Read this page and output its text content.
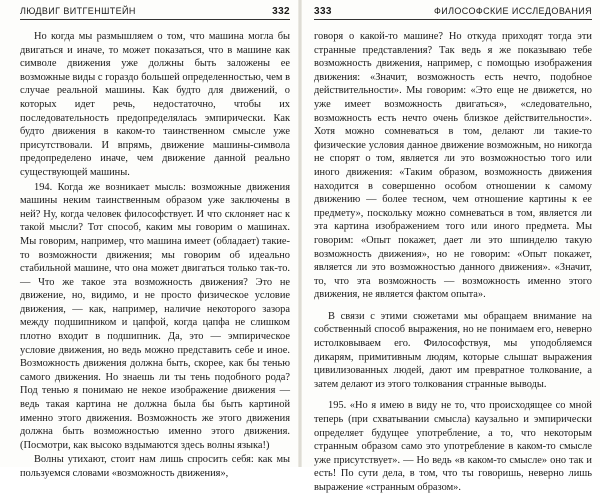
ЛЮДВИГ ВИТГЕНШТЕЙН	332

Но когда мы размышляем о том, что машина могла бы двигаться и иначе, то может показаться, что в машине как символе движения уже должны быть заложены ее возможные виды с гораздо большей определенностью, чем в случае реальной машины. Как будто для движений, о которых идет речь, недостаточно, чтобы их последовательность предопределялась эмпирически. Как будто движения в каком-то таинственном смысле уже присутствовали. И впрямь, движение машины-символа предопределено иначе, чем движение данной реально существующей машины.

194. Когда же возникает мысль: возможные движения машины неким таинственным образом уже заключены в ней? Ну, когда человек философствует. И что склоняет нас к такой мысли? Тот способ, каким мы говорим о машинах. Мы говорим, например, что машина имеет (обладает) такие-то возможности движения; мы говорим об идеально стабильной машине, что она может двигаться только так-то. — Что же такое эта возможность движения? Это не движение, но, видимо, и не просто физическое условие движения, — как, например, наличие некоторого зазора между подшипником и цапфой, когда цапфа не слишком плотно входит в подшипник. Да, это — эмпирическое условие движения, но ведь можно представить себе и иное. Возможность движения должна быть, скорее, как бы тенью самого движения. Но знаешь ли ты тень подобного рода? Под тенью я понимаю не некое изображение движения — ведь такая картина не должна была бы быть картиной именно этого движения. Возможность же этого движения должна быть возможностью именно этого движения. (Посмотри, как высоко вздымаются здесь волны языка!)

Волны утихают, стоит нам лишь спросить себя: как мы пользуемся словами «возможность движения»,

333	ФИЛОСОФСКИЕ ИССЛЕДОВАНИЯ

говоря о какой-то машине? Но откуда приходят тогда эти странные представления? Так ведь я же показываю тебе возможность движения, например, с помощью изображения движения: «Значит, возможность есть нечто, подобное действительности». Мы говорим: «Это еще не движется, но уже имеет возможность двигаться», «следовательно, возможность есть нечто очень близкое действительности». Хотя можно сомневаться в том, делают ли такие-то физические условия данное движение возможным, но никогда не спорят о том, является ли это возможностью того или иного движения: «Таким образом, возможность движения находится в совершенно особом отношении к самому движению — более тесном, чем отношение картины к ее предмету», поскольку можно сомневаться в том, является ли эта картина изображением того или иного предмета. Мы говорим: «Опыт покажет, дает ли это шпинделю такую возможность движения», но не говорим: «Опыт покажет, является ли это возможностью данного движения». «Значит, то, что эта возможность — возможность именно этого движения, не является фактом опыта».

В связи с этими сюжетами мы обращаем внимание на собственный способ выражения, но не понимаем его, неверно истолковываем его. Философствуя, мы уподобляемся дикарям, примитивным людям, которые слышат выражения цивилизованных людей, дают им превратное толкование, а затем делают из этого толкования странные выводы.

195. «Но я имею в виду не то, что происходящее со мной теперь (при схватывании смысла) каузально и эмпирически определяет будущее употребление, а то, что некоторым странным образом само это употребление в каком-то смысле уже присутствует». — Но ведь «в каком-то смысле» оно так и есть! По сути дела, в том, что ты говоришь, неверно лишь выражение «странным образом».
